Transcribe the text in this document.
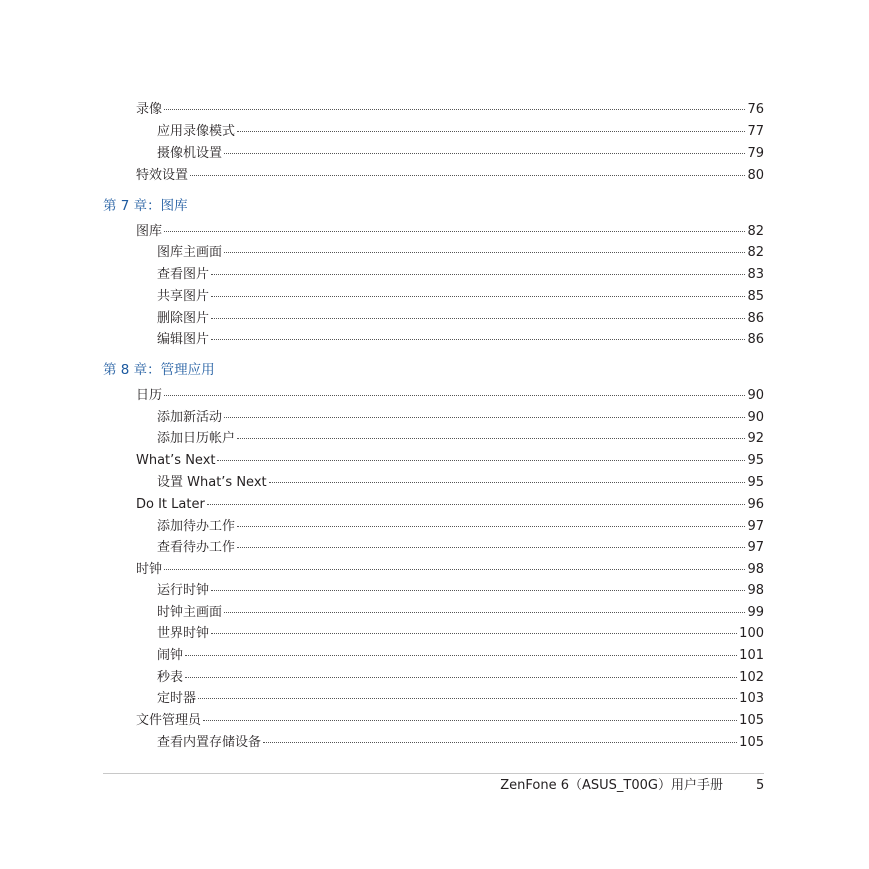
录像	76
应用录像模式	77
摄像机设置	79
特效设置	80
第 7 章：图库
图库	82
图库主画面	82
查看图片	83
共享图片	85
删除图片	86
编辑图片	86
第 8 章：管理应用
日历	90
添加新活动	90
添加日历帐户	92
What’s Next	95
设置 What’s Next	95
Do It Later	96
添加待办工作	97
查看待办工作	97
时钟	98
运行时钟	98
时钟主画面	99
世界时钟	100
闹钟	101
秒表	102
定时器	103
文件管理员	105
查看内置存储设备	105
ZenFone 6（ASUS_T00G）用户手册	5
